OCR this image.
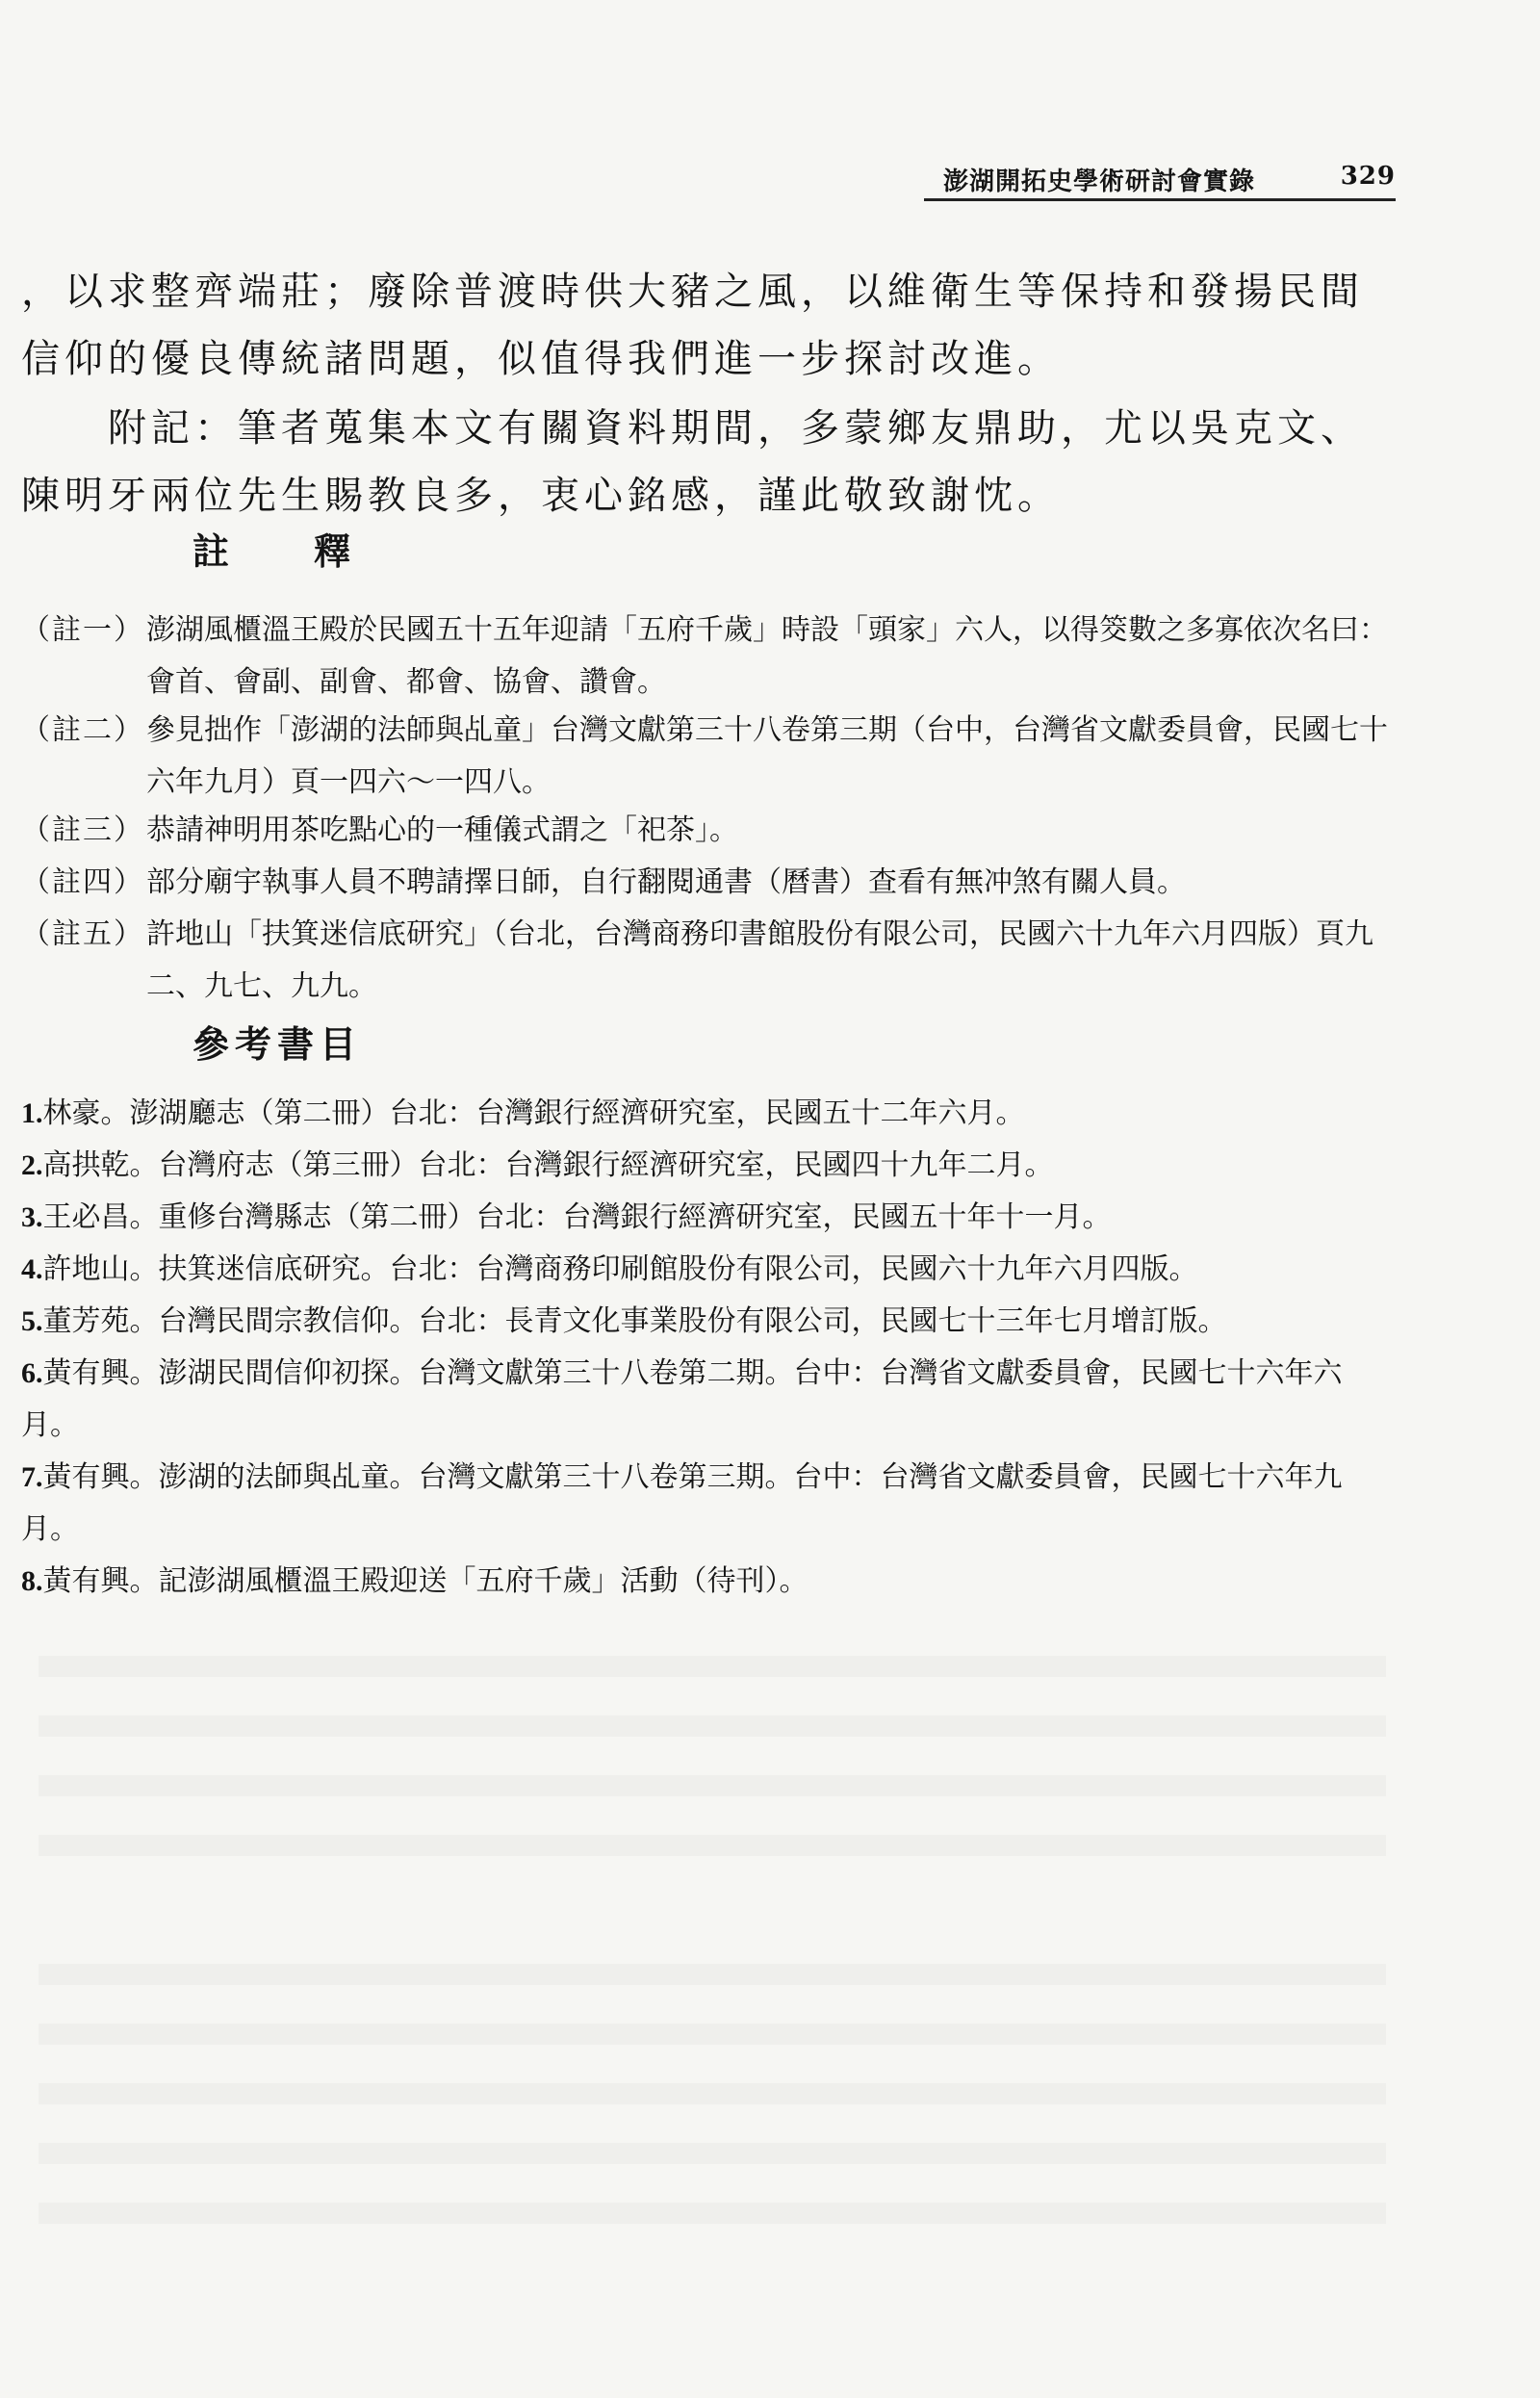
澎湖開拓史學術研討會實錄	329

，以求整齊端莊；廢除普渡時供大豬之風，以維衛生等保持和發揚民間信仰的優良傳統諸問題，似值得我們進一步探討改進。

　　附記：筆者蒐集本文有關資料期間，多蒙鄉友鼎助，尤以吳克文、陳明牙兩位先生賜教良多，衷心銘感，謹此敬致謝忱。

註釋
（註一） 澎湖風櫃溫王殿於民國五十五年迎請「五府千歲」時設「頭家」六人，以得筊數之多寡依次名曰：會首、會副、副會、都會、協會、讚會。
（註二） 參見拙作「澎湖的法師與乩童」台灣文獻第三十八卷第三期（台中，台灣省文獻委員會，民國七十六年九月）頁一四六～一四八。
（註三） 恭請神明用茶吃點心的一種儀式謂之「祀茶」。
（註四） 部分廟宇執事人員不聘請擇日師，自行翻閱通書（曆書）查看有無冲煞有關人員。
（註五） 許地山「扶箕迷信底研究」（台北，台灣商務印書館股份有限公司，民國六十九年六月四版）頁九二、九七、九九。
參考書目
1.林豪。澎湖廳志（第二冊）台北：台灣銀行經濟研究室，民國五十二年六月。
2.高拱乾。台灣府志（第三冊）台北：台灣銀行經濟研究室，民國四十九年二月。
3.王必昌。重修台灣縣志（第二冊）台北：台灣銀行經濟研究室，民國五十年十一月。
4.許地山。扶箕迷信底研究。台北：台灣商務印刷館股份有限公司，民國六十九年六月四版。
5.董芳苑。台灣民間宗教信仰。台北：長青文化事業股份有限公司，民國七十三年七月增訂版。
6.黃有興。澎湖民間信仰初探。台灣文獻第三十八卷第二期。台中：台灣省文獻委員會，民國七十六年六月。
7.黃有興。澎湖的法師與乩童。台灣文獻第三十八卷第三期。台中：台灣省文獻委員會，民國七十六年九月。
8.黃有興。記澎湖風櫃溫王殿迎送「五府千歲」活動（待刊）。
